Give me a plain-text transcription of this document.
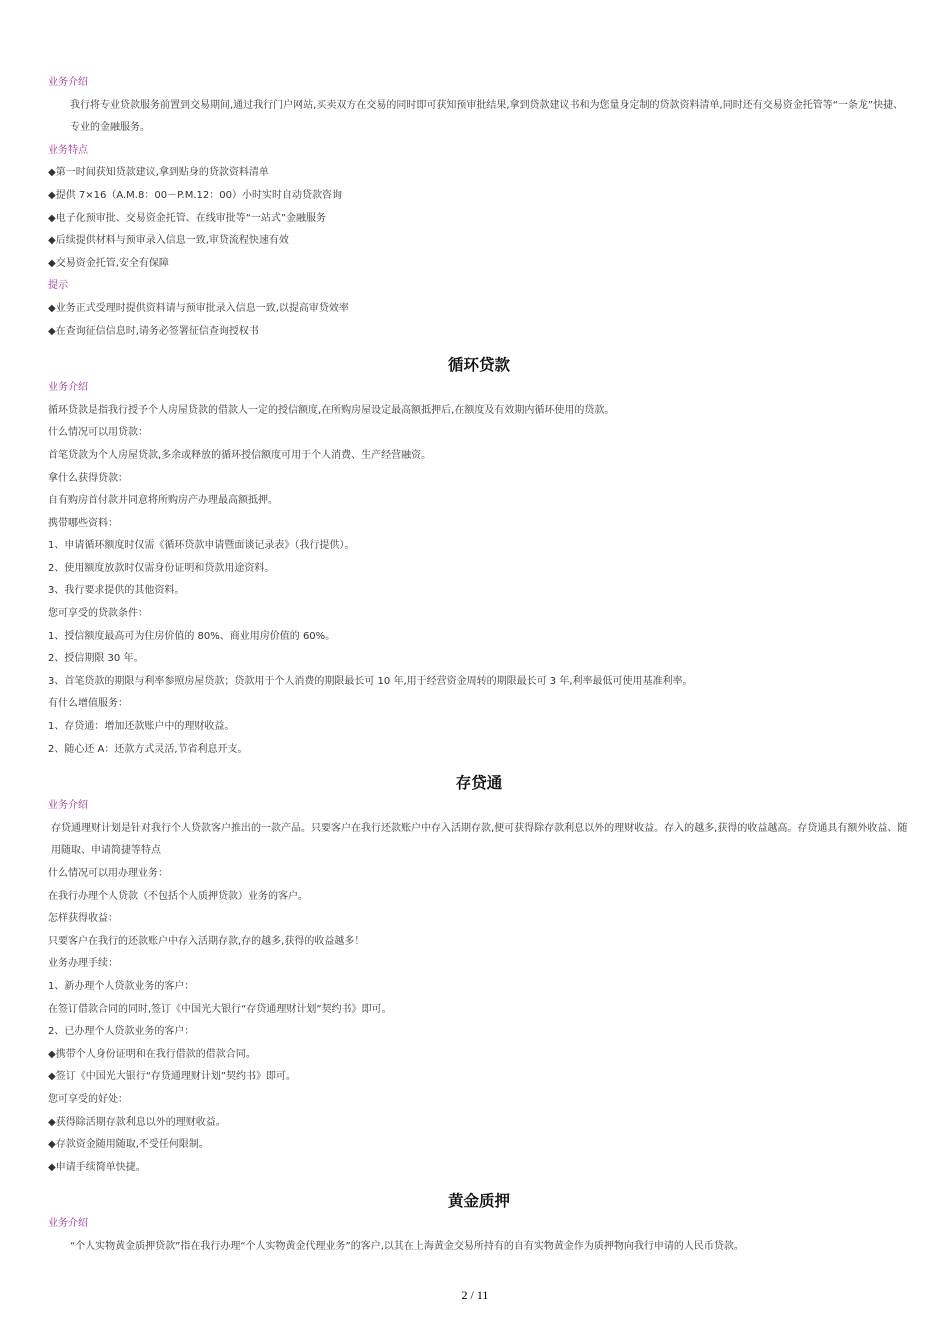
业务介绍
我行将专业贷款服务前置到交易期间,通过我行门户网站,买卖双方在交易的同时即可获知预审批结果,拿到贷款建议书和为您量身定制的贷款资料清单,同时还有交易资金托管等“一条龙”快捷、专业的金融服务。
业务特点
◆第一时间获知贷款建议,拿到贴身的贷款资料清单
◆提供 7×16（A.M.8：00－P.M.12：00）小时实时自动贷款咨询
◆电子化预审批、交易资金托管、在线审批等“一站式”金融服务
◆后续提供材料与预审录入信息一致,审贷流程快速有效
◆交易资金托管,安全有保障
提示
◆业务正式受理时提供资料请与预审批录入信息一致,以提高审贷效率
◆在查询征信信息时,请务必签署征信查询授权书
循环贷款
业务介绍
循环贷款是指我行授予个人房屋贷款的借款人一定的授信额度,在所购房屋设定最高额抵押后,在额度及有效期内循环使用的贷款。
什么情况可以用贷款：
首笔贷款为个人房屋贷款,多余或释放的循环授信额度可用于个人消费、生产经营融资。
拿什么获得贷款：
自有购房首付款并同意将所购房产办理最高额抵押。
携带哪些资料：
1、申请循环额度时仅需《循环贷款申请暨面谈记录表》（我行提供）。
2、使用额度放款时仅需身份证明和贷款用途资料。
3、我行要求提供的其他资料。
您可享受的贷款条件：
1、授信额度最高可为住房价值的 80%、商业用房价值的 60%。
2、授信期限 30 年。
3、首笔贷款的期限与利率参照房屋贷款；贷款用于个人消费的期限最长可 10 年,用于经营资金周转的期限最长可 3 年,利率最低可使用基准利率。
有什么增值服务：
1、存贷通：增加还款账户中的理财收益。
2、随心还 A：还款方式灵活,节省利息开支。
存贷通
业务介绍
存贷通理财计划是针对我行个人贷款客户推出的一款产品。只要客户在我行还款账户中存入活期存款,便可获得除存款利息以外的理财收益。存入的越多,获得的收益越高。存贷通具有额外收益、随用随取、申请简捷等特点
什么情况可以用办理业务：
在我行办理个人贷款（不包括个人质押贷款）业务的客户。
怎样获得收益：
只要客户在我行的还款账户中存入活期存款,存的越多,获得的收益越多！
业务办理手续：
1、新办理个人贷款业务的客户：
在签订借款合同的同时,签订《中国光大银行“存贷通理财计划”契约书》即可。
2、已办理个人贷款业务的客户：
◆携带个人身份证明和在我行借款的借款合同。
◆签订《中国光大银行“存贷通理财计划”契约书》即可。
您可享受的好处：
◆获得除活期存款利息以外的理财收益。
◆存款资金随用随取,不受任何限制。
◆申请手续简单快捷。
黄金质押
业务介绍
“个人实物黄金质押贷款”指在我行办理“个人实物黄金代理业务”的客户,以其在上海黄金交易所持有的自有实物黄金作为质押物向我行申请的人民币贷款。
2 / 11
